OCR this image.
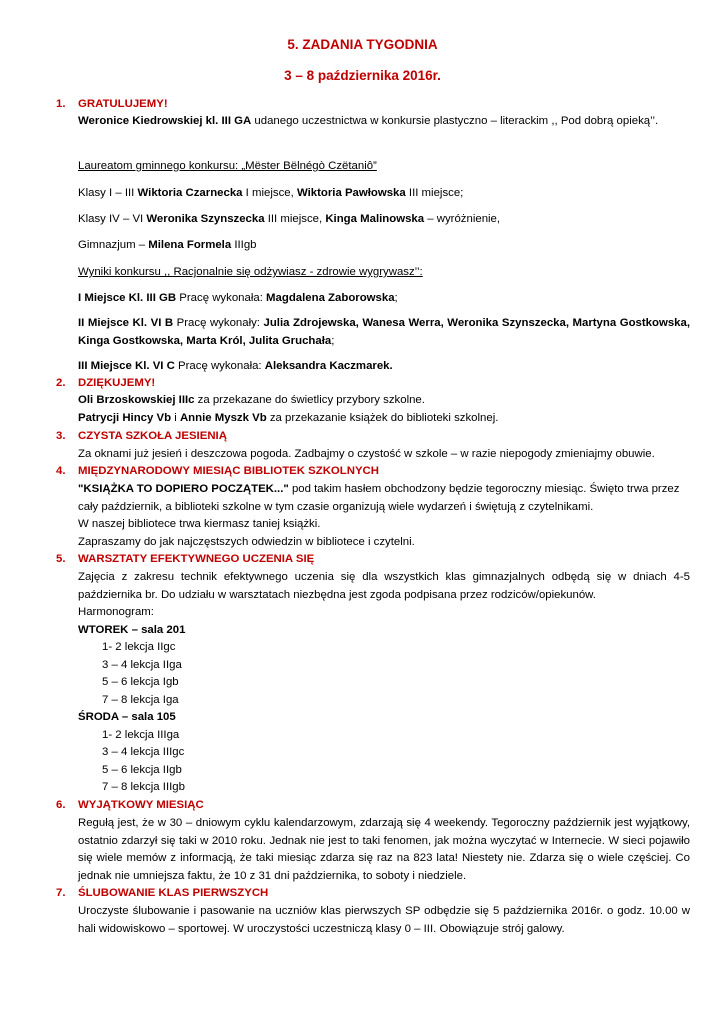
5. ZADANIA TYGODNIA
3 – 8 października 2016r.
1. GRATULUJEMY!

Weronice Kiedrowskiej kl. III GA udanego uczestnictwa w konkursie plastyczno – literackim ,, Pod dobrą opieką’’.

Laureatom gminnego konkursu: „Mëster Bëlnégò Czëtaniô”
Klasy I – III Wiktoria Czarnecka I miejsce, Wiktoria Pawłowska III miejsce;
Klasy IV – VI Weronika Szynszecka III miejsce, Kinga Malinowska – wyróżnienie,
Gimnazjum – Milena Formela IIIgb
Wyniki konkursu ,, Racjonalnie się odżywiasz - zdrowie wygrywasz’’:
I Miejsce Kl. III GB Pracę wykonała: Magdalena Zaborowska;
II Miejsce Kl. VI B Pracę wykonały: Julia Zdrojewska, Wanesa Werra, Weronika Szynszecka, Martyna Gostkowska, Kinga Gostkowska, Marta Król, Julita Gruchała;
III Miejsce Kl. VI C Pracę wykonała: Aleksandra Kaczmarek.
2. DZIĘKUJEMY!

Oli Brzoskowskiej IIIc za przekazane do świetlicy przybory szkolne.

Patrycji Hincy Vb i Annie Myszk Vb za przekazanie książek do biblioteki szkolnej.

3. CZYSTA SZKOŁA JESIENIĄ

Za oknami już jesień i deszczowa pogoda. Zadbajmy o czystość w szkole – w razie niepogody zmieniajmy obuwie.

4. MIĘDZYNARODOWY MIESIĄC BIBLIOTEK SZKOLNYCH

"KSIĄŻKA TO DOPIERO POCZĄTEK..." pod takim hasłem obchodzony będzie tegoroczny miesiąc. Święto trwa przez cały październik, a biblioteki szkolne w tym czasie organizują wiele wydarzeń i świętują z czytelnikami.

W naszej bibliotece trwa kiermasz taniej książki.

Zapraszamy do jak najczęstszych odwiedzin w bibliotece i czytelni.

5. WARSZTATY EFEKTYWNEGO UCZENIA SIĘ

Zajęcia z zakresu technik efektywnego uczenia się dla wszystkich klas gimnazjalnych odbędą się w dniach 4-5 października br. Do udziału w warsztatach niezbędna jest zgoda podpisana przez rodziców/opiekunów.

Harmonogram:

WTOREK – sala 201

1- 2 lekcja IIgc

3 – 4 lekcja IIga

5 – 6 lekcja Igb

7 – 8 lekcja Iga

ŚRODA – sala 105

1- 2 lekcja IIIga

3 – 4 lekcja IIIgc

5 – 6 lekcja IIgb

7 – 8 lekcja IIIgb

6. WYJĄTKOWY MIESIĄC

Regułą jest, że w 30 – dniowym cyklu kalendarzowym, zdarzają się 4 weekendy. Tegoroczny październik jest wyjątkowy, ostatnio zdarzył się taki w 2010 roku. Jednak nie jest to taki fenomen, jak można wyczytać w Internecie. W sieci pojawiło się wiele memów z informacją, że taki miesiąc zdarza się raz na 823 lata! Niestety nie. Zdarza się o wiele częściej. Co jednak nie umniejsza faktu, że 10 z 31 dni października, to soboty i niedziele.

7. ŚLUBOWANIE KLAS PIERWSZYCH

Uroczyste ślubowanie i pasowanie na uczniów klas pierwszych SP odbędzie się 5 października 2016r. o godz. 10.00 w hali widowiskowo – sportowej. W uroczystości uczestniczą klasy 0 – III. Obowiązuje strój galowy.
